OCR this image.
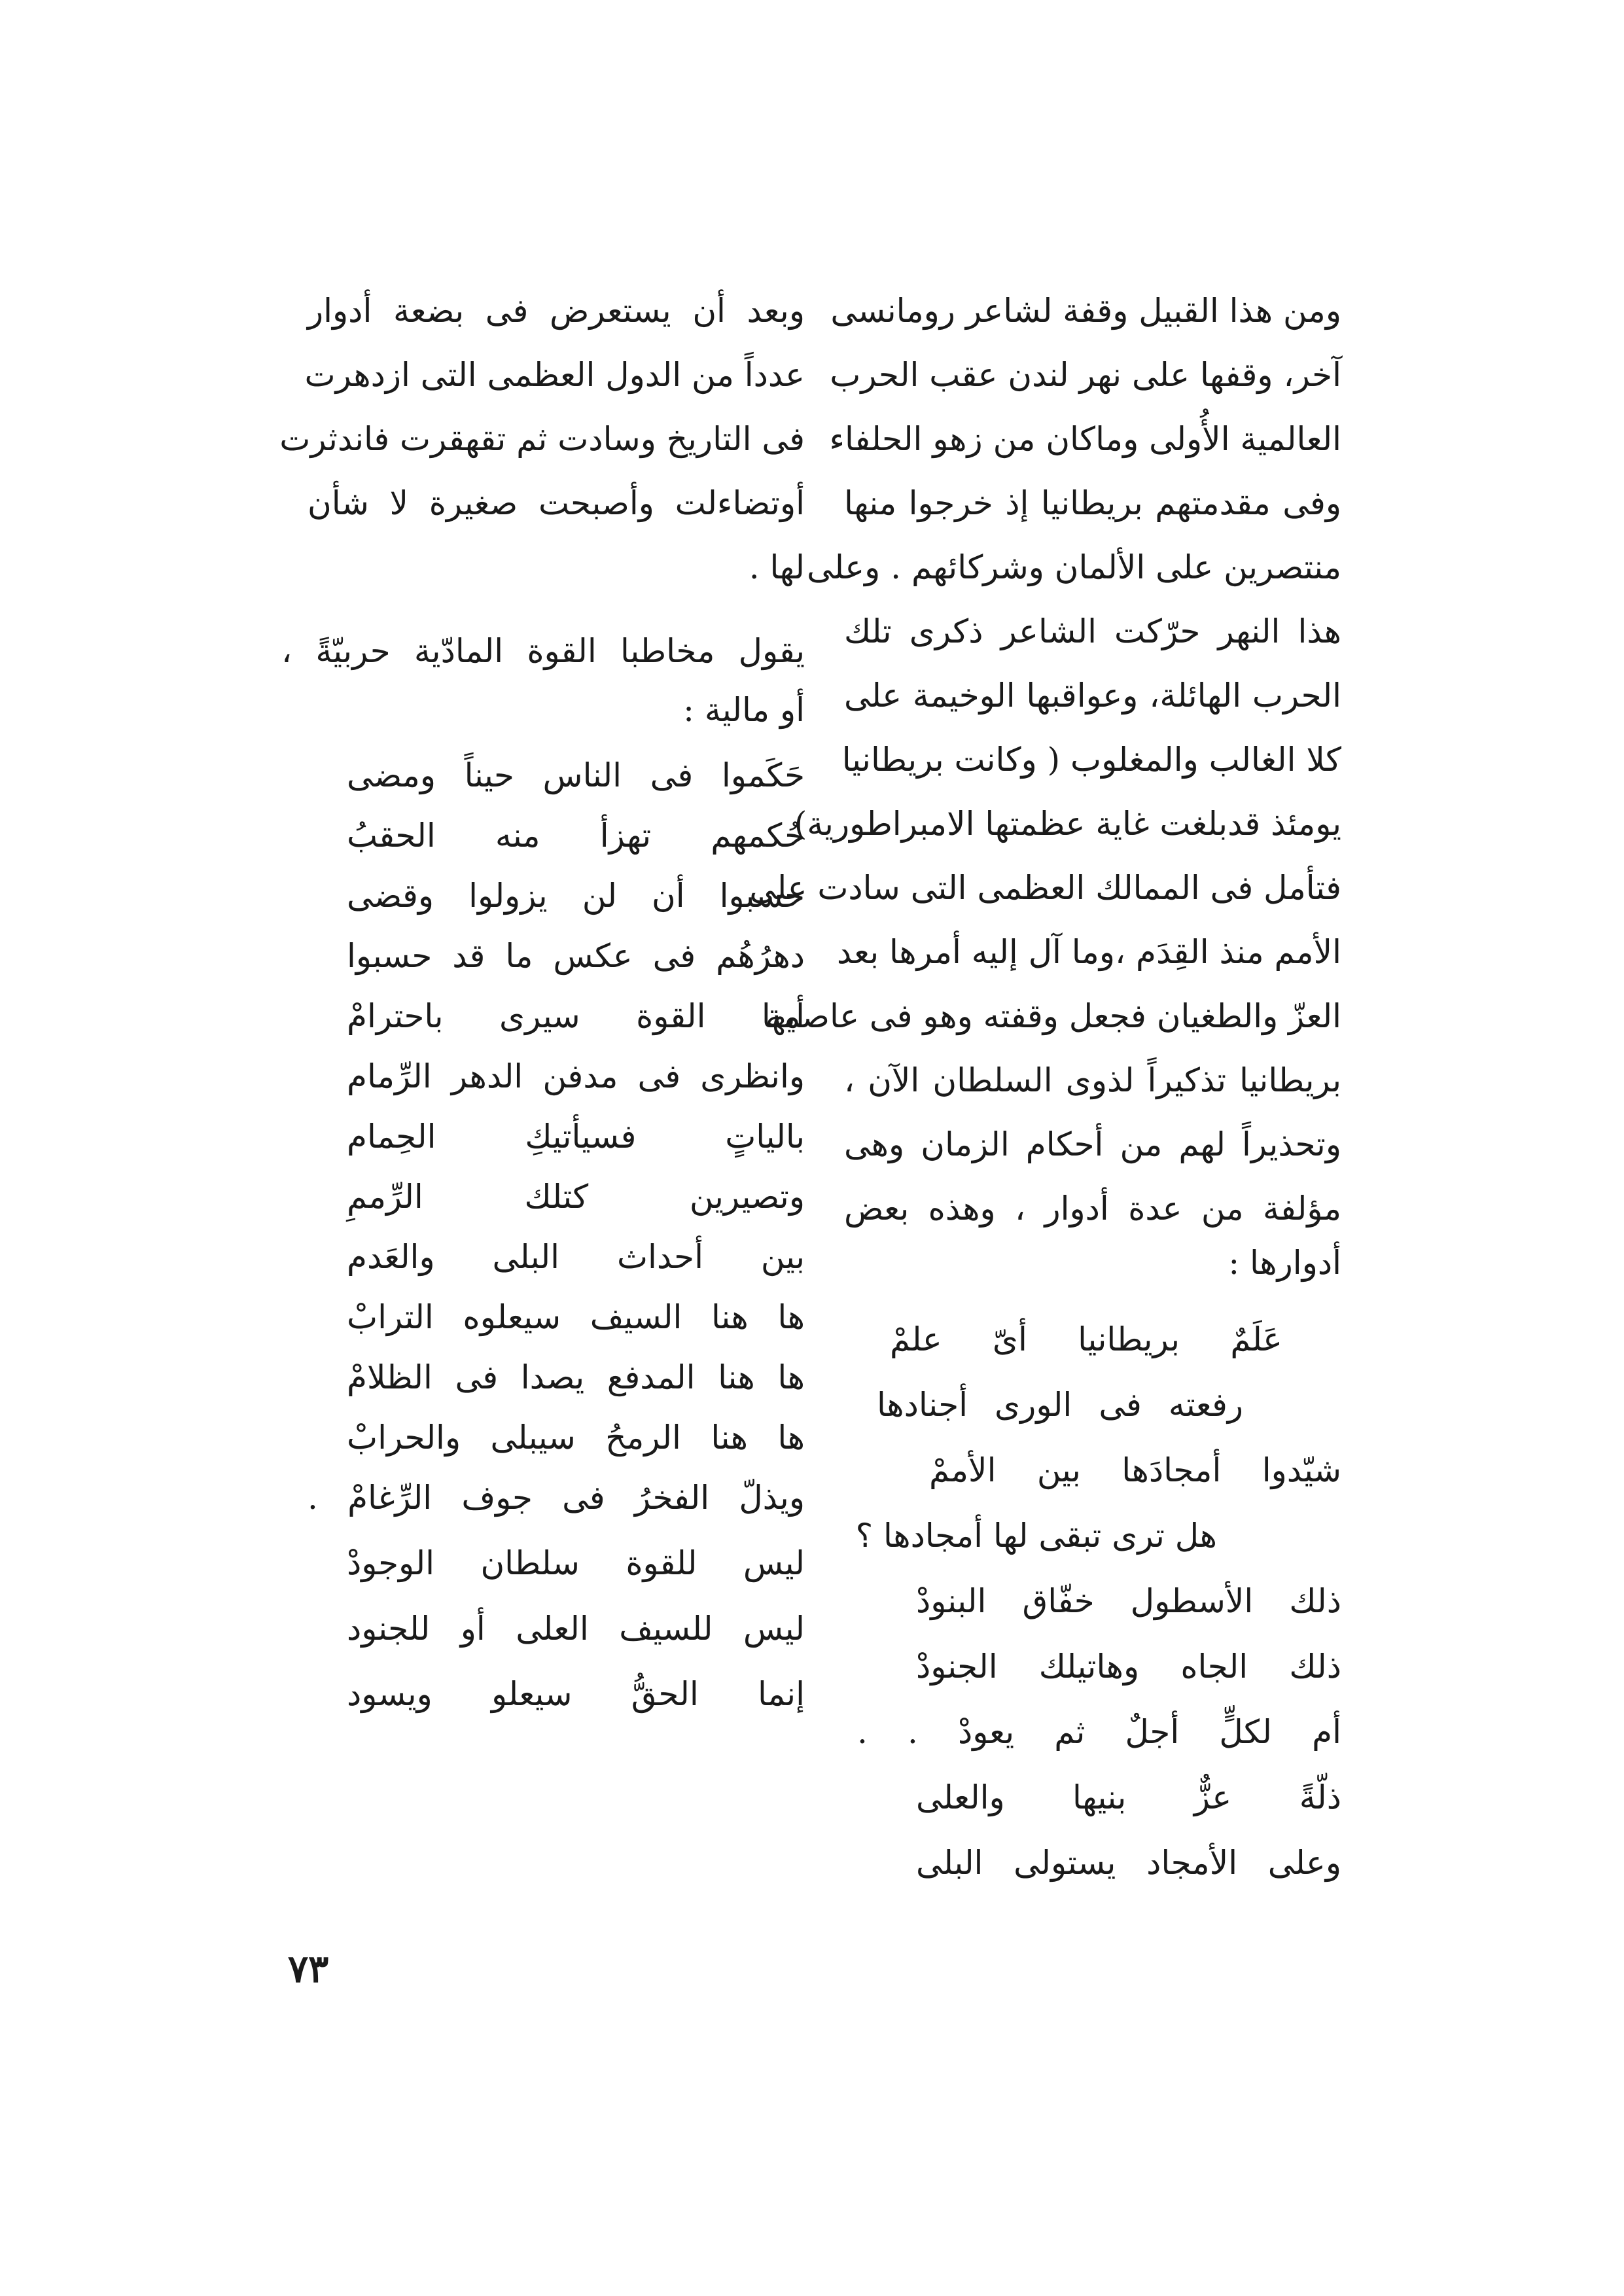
ومن هذا القبيل وقفة لشاعر رومانسى
آخر، وقفها على نهر لندن عقب الحرب
العالمية الأُولى وماكان من زهو الحلفاء
وفى مقدمتهم بريطانيا إذ خرجوا منها
منتصرين على الألمان وشركائهم . وعلى
هذا النهر حرّكت الشاعر ذكرى تلك
الحرب الهائلة، وعواقبها الوخيمة على
كلا الغالب والمغلوب ( وكانت بريطانيا
يومئذ قدبلغت غاية عظمتها الامبراطورية)
فتأمل فى الممالك العظمى التى سادت على
الأمم منذ القِدَم ،وما آل إليه أمرها بعد
العزّ والطغيان فجعل وقفته وهو فى عاصمة
بريطانيا تذكيراً لذوى السلطان الآن ،
وتحذيراً لهم من أحكام الزمان وهى
مؤلفة من عدة أدوار ، وهذه بعض
أدوارها :
عَلَمٌ بريطانيا أىّ علمْ
رفعته فى الورى أجنادها
شيّدوا أمجادَها بين الأممْ
هل ترى تبقى لها أمجادها ؟
ذلك الأسطول خفّاق البنودْ
ذلك الجاه وهاتيلك الجنودْ
أم لكلٍّ أجلٌ ثم يعودْ . .
ذلّةً عزٌّ بنيها والعلى
وعلى الأمجاد يستولى البلى
وبعد أن يستعرض فى بضعة أدوار
عدداً من الدول العظمى التى ازدهرت
فى التاريخ وسادت ثم تقهقرت فاندثرت
أوتضاءلت وأصبحت صغيرة لا شأن
لها .
يقول مخاطبا القوة المادّية حربيّةً ،
أو مالية :
حَكَموا فى الناس حيناً ومضى
حُكمهم تهزأ منه الحقبُ
حسبوا أن لن يزولوا وقضى
دهرُهُم فى عكس ما قد حسبوا
أيها القوة سيرى باحترامْ
وانظرى فى مدفن الدهر الرِّمام
بالياتٍ فسيأتيكِ الحِمام
وتصيرين كتلك الرِّممِ
بين أحداث البلى والعَدم
ها هنا السيف سيعلوه الترابْ
ها هنا المدفع يصدا فى الظلامْ
ها هنا الرمحُ سيبلى والحرابْ
ويذلّ الفخرُ فى جوف الرِّغامْ .
ليس للقوة سلطان الوجودْ
ليس للسيف العلى أو للجنود
إنما الحقُّ سيعلو ويسود
٧٣
